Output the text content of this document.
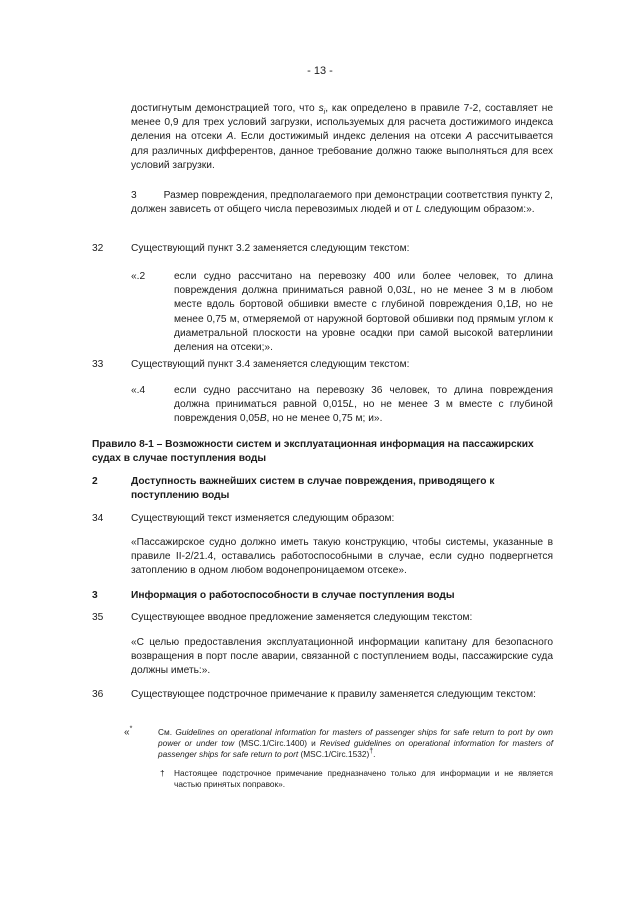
- 13 -
достигнутым демонстрацией того, что $s_i$, как определено в правиле 7-2, составляет не менее 0,9 для трех условий загрузки, используемых для расчета достижимого индекса деления на отсеки A. Если достижимый индекс деления на отсеки A рассчитывается для различных дифферентов, данное требование должно также выполняться для всех условий загрузки.
3	Размер повреждения, предполагаемого при демонстрации соответствия пункту 2, должен зависеть от общего числа перевозимых людей и от L следующим образом:».
32	Существующий пункт 3.2 заменяется следующим текстом:
«.2	если судно рассчитано на перевозку 400 или более человек, то длина повреждения должна приниматься равной 0,03L, но не менее 3 м в любом месте вдоль бортовой обшивки вместе с глубиной повреждения 0,1B, но не менее 0,75 м, отмеряемой от наружной бортовой обшивки под прямым углом к диаметральной плоскости на уровне осадки при самой высокой ватерлинии деления на отсеки;».
33	Существующий пункт 3.4 заменяется следующим текстом:
«.4	если судно рассчитано на перевозку 36 человек, то длина повреждения должна приниматься равной 0,015L, но не менее 3 м вместе с глубиной повреждения 0,05B, но не менее 0,75 м; и».
Правило 8-1 – Возможности систем и эксплуатационная информация на пассажирских судах в случае поступления воды
2	Доступность важнейших систем в случае повреждения, приводящего к поступлению воды
34	Существующий текст изменяется следующим образом:
«Пассажирское судно должно иметь такую конструкцию, чтобы системы, указанные в правиле II-2/21.4, оставались работоспособными в случае, если судно подвергнется затоплению в одном любом водонепроницаемом отсеке».
3	Информация о работоспособности в случае поступления воды
35	Существующее вводное предложение заменяется следующим текстом:
«С целью предоставления эксплуатационной информации капитану для безопасного возвращения в порт после аварии, связанной с поступлением воды, пассажирские суда должны иметь:».
36	Существующее подстрочное примечание к правилу заменяется следующим текстом:
«*	См. Guidelines on operational information for masters of passenger ships for safe return to port by own power or under tow (MSC.1/Circ.1400) и Revised guidelines on operational information for masters of passenger ships for safe return to port (MSC.1/Circ.1532)†.
† Настоящее подстрочное примечание предназначено только для информации и не является частью принятых поправок».
